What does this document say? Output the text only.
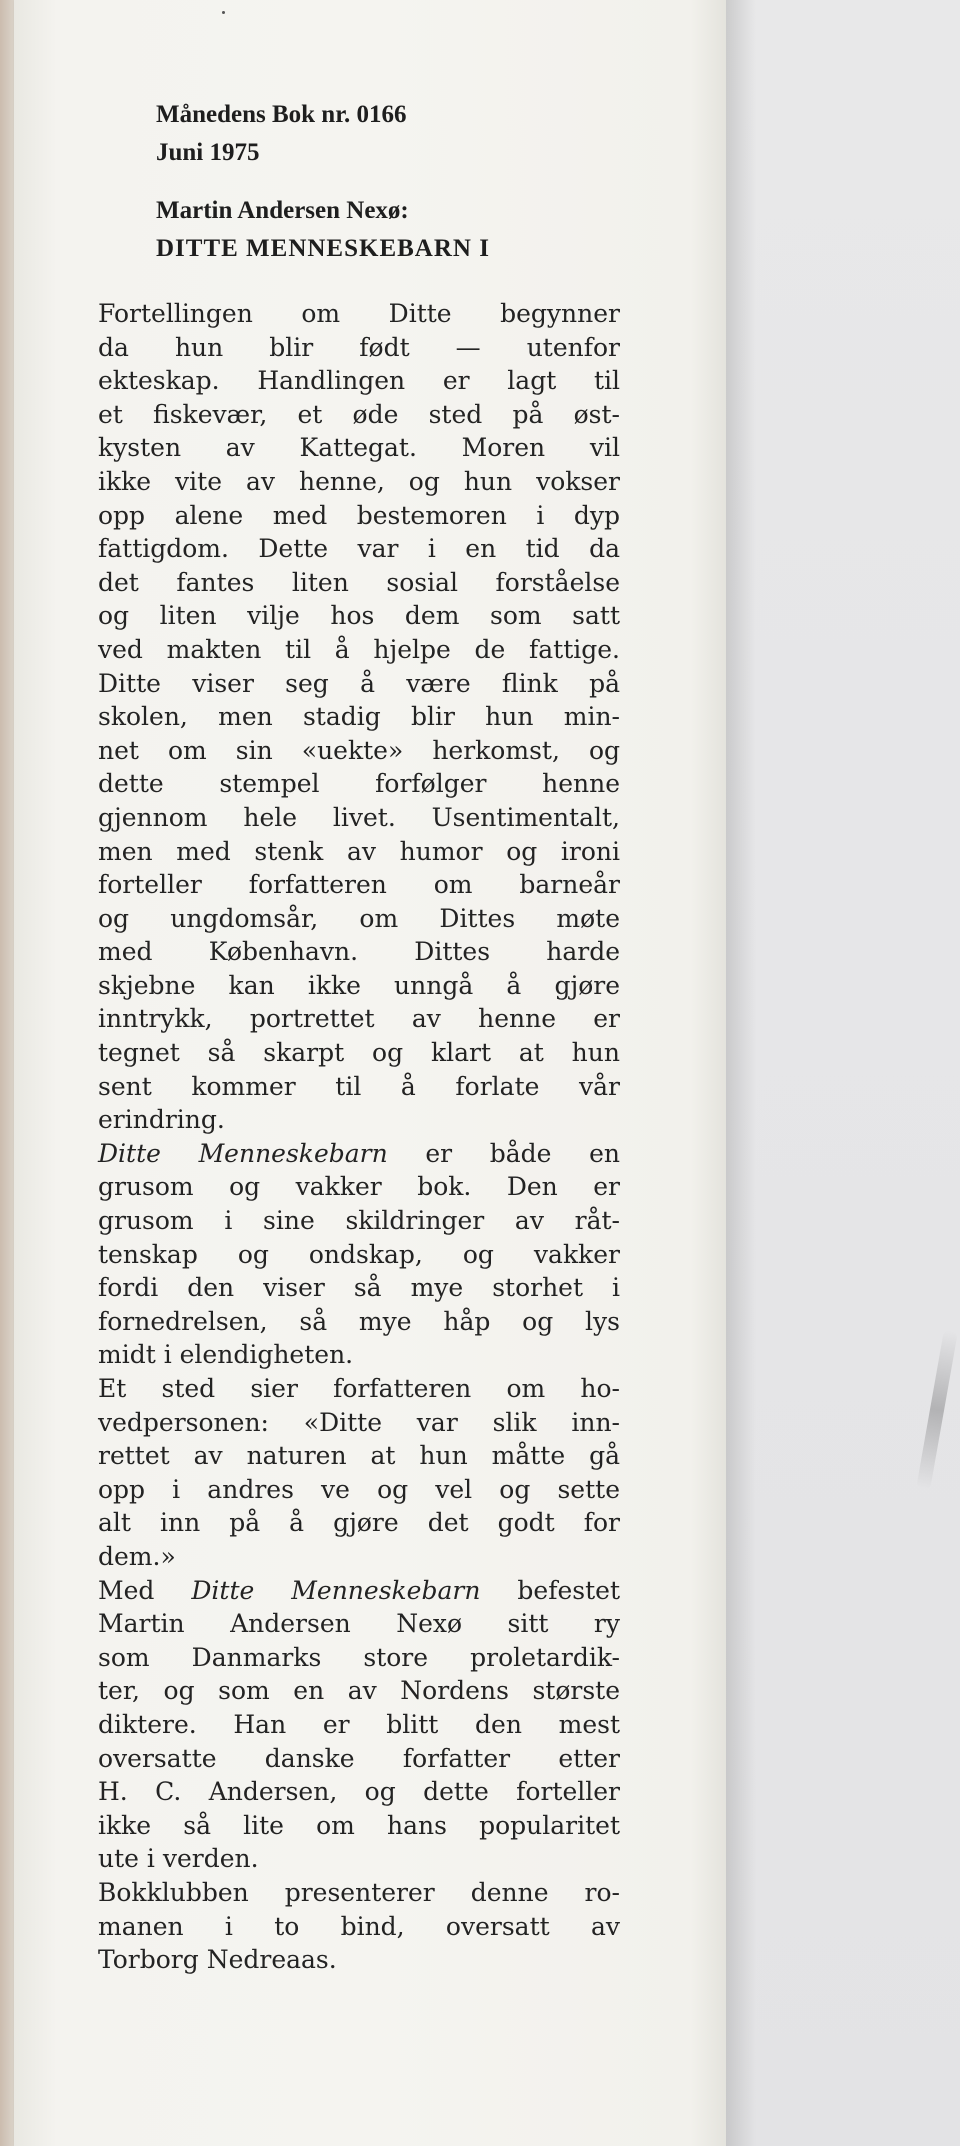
Månedens Bok nr. 0166
Juni 1975
Martin Andersen Nexø:
DITTE MENNESKEBARN I
Fortellingen om Ditte begynner
da hun blir født — utenfor
ekteskap. Handlingen er lagt til
et fiskevær, et øde sted på øst-
kysten av Kattegat. Moren vil
ikke vite av henne, og hun vokser
opp alene med bestemoren i dyp
fattigdom. Dette var i en tid da
det fantes liten sosial forståelse
og liten vilje hos dem som satt
ved makten til å hjelpe de fattige.
Ditte viser seg å være flink på
skolen, men stadig blir hun min-
net om sin «uekte» herkomst, og
dette stempel forfølger henne
gjennom hele livet. Usentimentalt,
men med stenk av humor og ironi
forteller forfatteren om barneår
og ungdomsår, om Dittes møte
med København. Dittes harde
skjebne kan ikke unngå å gjøre
inntrykk, portrettet av henne er
tegnet så skarpt og klart at hun
sent kommer til å forlate vår
erindring.
Ditte Menneskebarn er både en
grusom og vakker bok. Den er
grusom i sine skildringer av råt-
tenskap og ondskap, og vakker
fordi den viser så mye storhet i
fornedrelsen, så mye håp og lys
midt i elendigheten.
Et sted sier forfatteren om ho-
vedpersonen: «Ditte var slik inn-
rettet av naturen at hun måtte gå
opp i andres ve og vel og sette
alt inn på å gjøre det godt for
dem.»
Med Ditte Menneskebarn befestet
Martin Andersen Nexø sitt ry
som Danmarks store proletardik-
ter, og som en av Nordens største
diktere. Han er blitt den mest
oversatte danske forfatter etter
H. C. Andersen, og dette forteller
ikke så lite om hans popularitet
ute i verden.
Bokklubben presenterer denne ro-
manen i to bind, oversatt av
Torborg Nedreaas.
